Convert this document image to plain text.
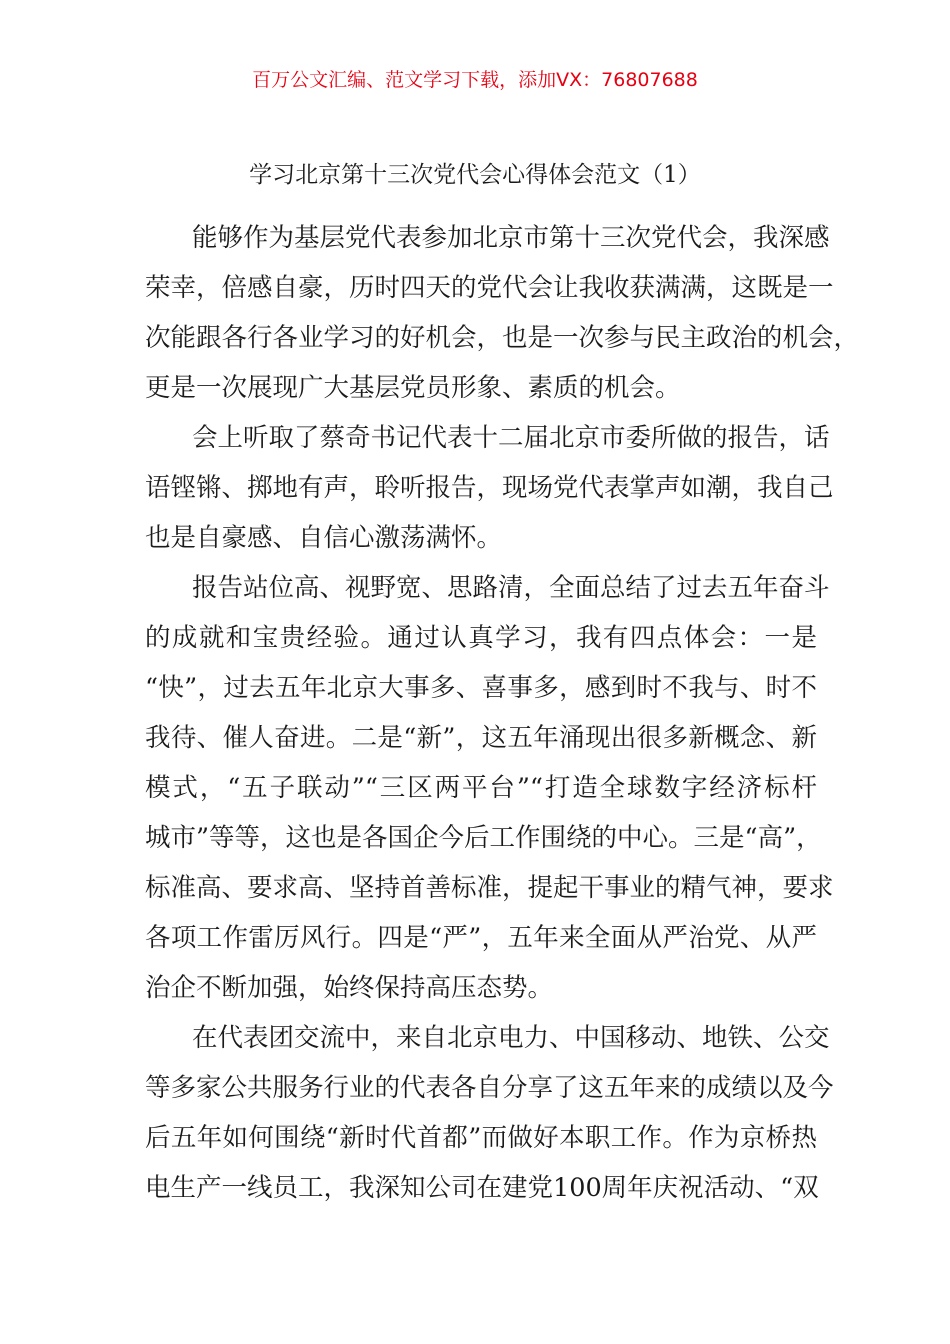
百万公文汇编、范文学习下载，添加VX：76807688
学习北京第十三次党代会心得体会范文（1）
能够作为基层党代表参加北京市第十三次党代会，我深感
荣幸，倍感自豪，历时四天的党代会让我收获满满，这既是一
次能跟各行各业学习的好机会，也是一次参与民主政治的机会，
更是一次展现广大基层党员形象、素质的机会。
会上听取了蔡奇书记代表十二届北京市委所做的报告，话
语铿锵、掷地有声，聆听报告，现场党代表掌声如潮，我自己
也是自豪感、自信心激荡满怀。
报告站位高、视野宽、思路清，全面总结了过去五年奋斗
的成就和宝贵经验。通过认真学习，我有四点体会：一是
“快”，过去五年北京大事多、喜事多，感到时不我与、时不
我待、催人奋进。二是“新”，这五年涌现出很多新概念、新
模式，“五子联动”“三区两平台”“打造全球数字经济标杆
城市”等等，这也是各国企今后工作围绕的中心。三是“高”，
标准高、要求高、坚持首善标准，提起干事业的精气神，要求
各项工作雷厉风行。四是“严”，五年来全面从严治党、从严
治企不断加强，始终保持高压态势。
在代表团交流中，来自北京电力、中国移动、地铁、公交
等多家公共服务行业的代表各自分享了这五年来的成绩以及今
后五年如何围绕“新时代首都”而做好本职工作。作为京桥热
电生产一线员工，我深知公司在建党100周年庆祝活动、“双
